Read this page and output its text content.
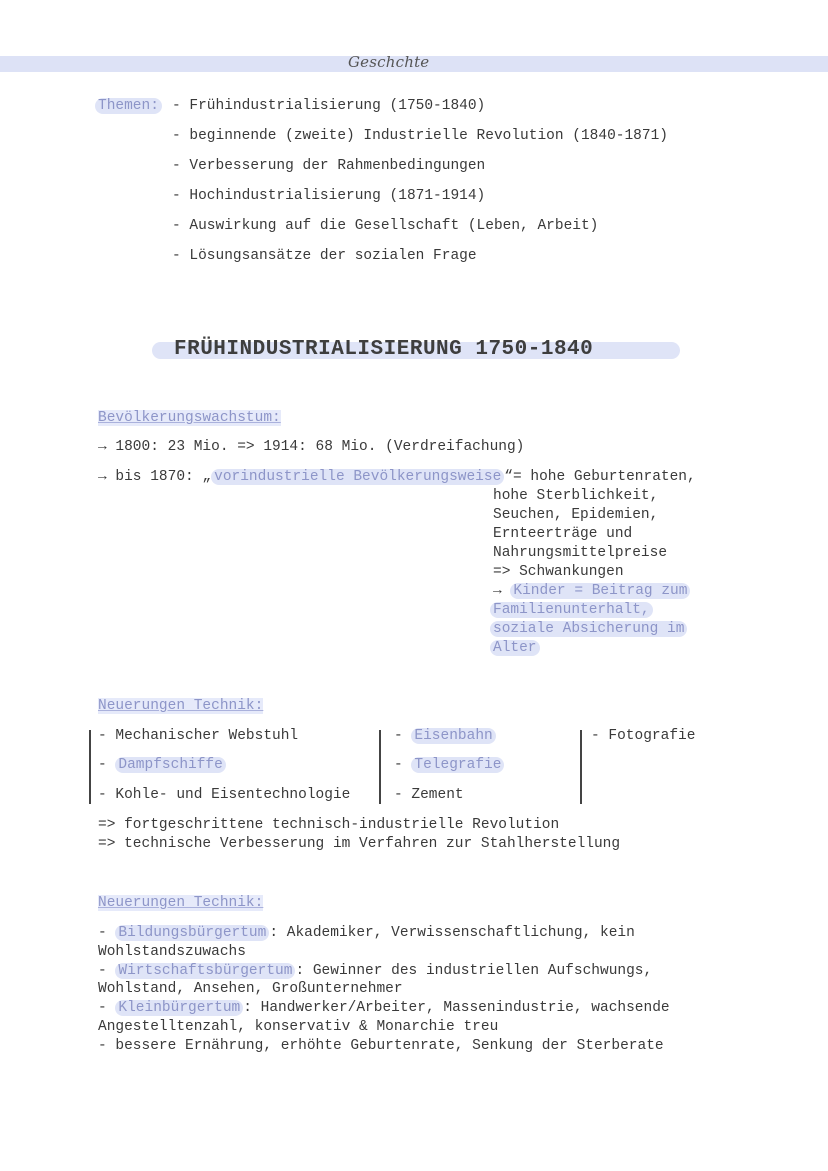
Geschchte
Themen: - Frühindustrialisierung (1750-1840)
- beginnende (zweite) Industrielle Revolution (1840-1871)
- Verbesserung der Rahmenbedingungen
- Hochindustrialisierung (1871-1914)
- Auswirkung auf die Gesellschaft (Leben, Arbeit)
- Lösungsansätze der sozialen Frage
FRÜHINDUSTRIALISIERUNG 1750-1840
Bevölkerungswachstum:
→ 1800: 23 Mio. => 1914: 68 Mio. (Verdreifachung)
→ bis 1870: „ vorindustrielle Bevölkerungsweise “= hohe Geburtenraten,
hohe Sterblichkeit,
Seuchen, Epidemien,
Ernteerträge und
Nahrungsmittelpreise
=> Schwankungen
→ Kinder = Beitrag zum
Familienunterhalt,
soziale Absicherung im
Alter
Neuerungen Technik:
- Mechanischer Webstuhl
- Dampfschiffe
- Kohle- und Eisentechnologie
- Eisenbahn
- Telegrafie
- Zement
- Fotografie
=> fortgeschrittene technisch-industrielle Revolution
=> technische Verbesserung im Verfahren zur Stahlherstellung
Neuerungen Technik:
- Bildungsbürgertum : Akademiker, Verwissenschaftlichung, kein
Wohlstandszuwachs
- Wirtschaftsbürgertum : Gewinner des industriellen Aufschwungs,
Wohlstand, Ansehen, Großunternehmer
- Kleinbürgertum : Handwerker/Arbeiter, Massenindustrie, wachsende
Angestelltenzahl, konservativ & Monarchie treu
- bessere Ernährung, erhöhte Geburtenrate, Senkung der Sterberate
